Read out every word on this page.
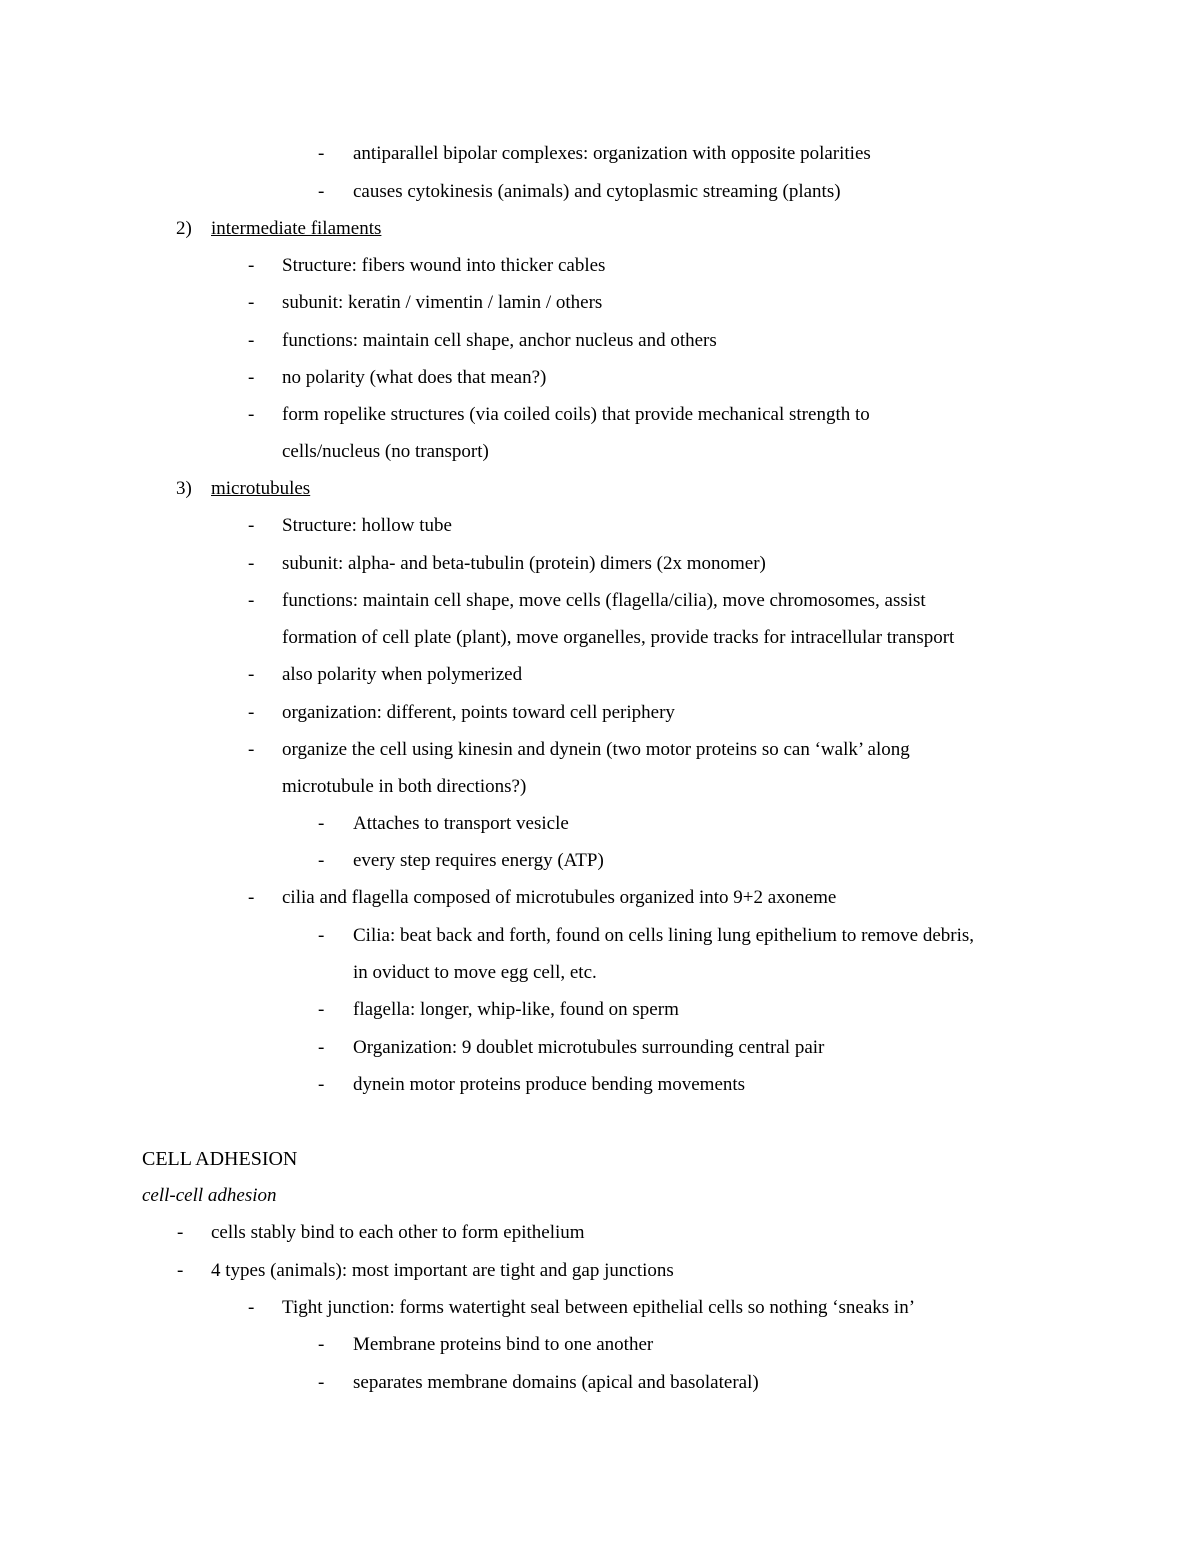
- antiparallel bipolar complexes: organization with opposite polarities
- causes cytokinesis (animals) and cytoplasmic streaming (plants)
2) intermediate filaments
- Structure: fibers wound into thicker cables
- subunit: keratin / vimentin / lamin / others
- functions: maintain cell shape, anchor nucleus and others
- no polarity (what does that mean?)
- form ropelike structures (via coiled coils) that provide mechanical strength to
cells/nucleus (no transport)
3) microtubules
- Structure: hollow tube
- subunit: alpha- and beta-tubulin (protein) dimers (2x monomer)
- functions: maintain cell shape, move cells (flagella/cilia), move chromosomes, assist
formation of cell plate (plant), move organelles, provide tracks for intracellular transport
- also polarity when polymerized
- organization: different, points toward cell periphery
- organize the cell using kinesin and dynein (two motor proteins so can ‘walk’ along
microtubule in both directions?)
- Attaches to transport vesicle
- every step requires energy (ATP)
- cilia and flagella composed of microtubules organized into 9+2 axoneme
- Cilia: beat back and forth, found on cells lining lung epithelium to remove debris,
in oviduct to move egg cell, etc.
- flagella: longer, whip-like, found on sperm
- Organization: 9 doublet microtubules surrounding central pair
- dynein motor proteins produce bending movements
CELL ADHESION
cell-cell adhesion
- cells stably bind to each other to form epithelium
- 4 types (animals): most important are tight and gap junctions
- Tight junction: forms watertight seal between epithelial cells so nothing ‘sneaks in’
- Membrane proteins bind to one another
- separates membrane domains (apical and basolateral)
